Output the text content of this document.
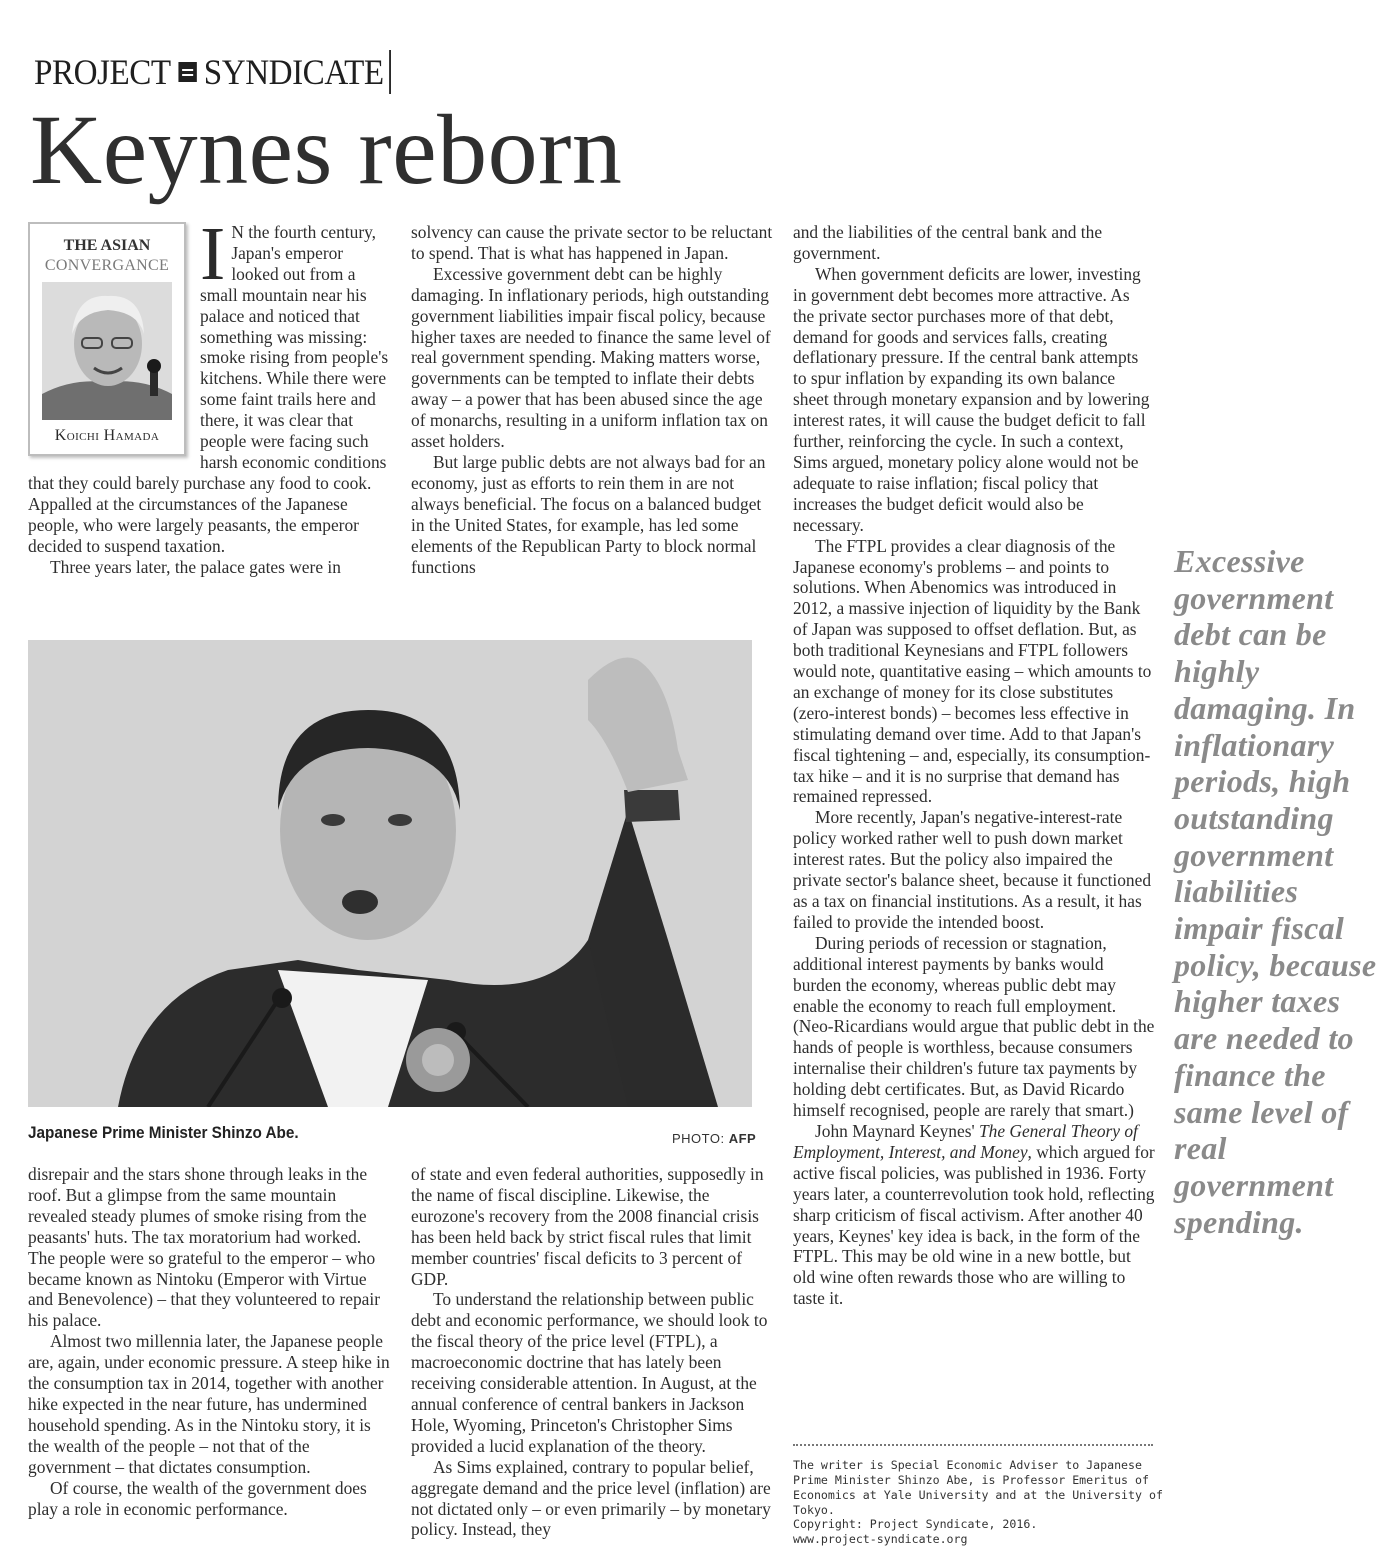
PROJECT SYNDICATE
Keynes reborn
THE ASIAN
CONVERGANCE
Koichi Hamada
I N the fourth century, Japan's emperor looked out from a small mountain near his palace and noticed that something was missing: smoke rising from people's kitchens. While there were some faint trails here and there, it was clear that people were facing such harsh economic conditions that they could barely purchase any food to cook. Appalled at the circumstances of the Japanese people, who were largely peasants, the emperor decided to suspend taxation.

Three years later, the palace gates were in

solvency can cause the private sector to be reluctant to spend. That is what has happened in Japan.

Excessive government debt can be highly damaging. In inflationary periods, high outstanding government liabilities impair fiscal policy, because higher taxes are needed to finance the same level of real government spending. Making matters worse, governments can be tempted to inflate their debts away – a power that has been abused since the age of monarchs, resulting in a uniform inflation tax on asset holders.

But large public debts are not always bad for an economy, just as efforts to rein them in are not always beneficial. The focus on a balanced budget in the United States, for example, has led some elements of the Republican Party to block normal functions

and the liabilities of the central bank and the government.

When government deficits are lower, investing in government debt becomes more attractive. As the private sector purchases more of that debt, demand for goods and services falls, creating deflationary pressure. If the central bank attempts to spur inflation by expanding its own balance sheet through monetary expansion and by lowering interest rates, it will cause the budget deficit to fall further, reinforcing the cycle. In such a context, Sims argued, monetary policy alone would not be adequate to raise inflation; fiscal policy that increases the budget deficit would also be necessary.

The FTPL provides a clear diagnosis of the Japanese economy's problems – and points to solutions. When Abenomics was introduced in 2012, a massive injection of liquidity by the Bank of Japan was supposed to offset deflation. But, as both traditional Keynesians and FTPL followers would note, quantitative easing – which amounts to an exchange of money for its close substitutes (zero-interest bonds) – becomes less effective in stimulating demand over time. Add to that Japan's fiscal tightening – and, especially, its consumption-tax hike – and it is no surprise that demand has remained repressed.

More recently, Japan's negative-interest-rate policy worked rather well to push down market interest rates. But the policy also impaired the private sector's balance sheet, because it functioned as a tax on financial institutions. As a result, it has failed to provide the intended boost.

During periods of recession or stagnation, additional interest payments by banks would burden the economy, whereas public debt may enable the economy to reach full employment. (Neo-Ricardians would argue that public debt in the hands of people is worthless, because consumers internalise their children's future tax payments by holding debt certificates. But, as David Ricardo himself recognised, people are rarely that smart.)

John Maynard Keynes' The General Theory of Employment, Interest, and Money, which argued for active fiscal policies, was published in 1936. Forty years later, a counterrevolution took hold, reflecting sharp criticism of fiscal activism. After another 40 years, Keynes' key idea is back, in the form of the FTPL. This may be old wine in a new bottle, but old wine often rewards those who are willing to taste it.

Japanese Prime Minister Shinzo Abe.	PHOTO: AFP

disrepair and the stars shone through leaks in the roof. But a glimpse from the same mountain revealed steady plumes of smoke rising from the peasants' huts. The tax moratorium had worked. The people were so grateful to the emperor – who became known as Nintoku (Emperor with Virtue and Benevolence) – that they volunteered to repair his palace.

Almost two millennia later, the Japanese people are, again, under economic pressure. A steep hike in the consumption tax in 2014, together with another hike expected in the near future, has undermined household spending. As in the Nintoku story, it is the wealth of the people – not that of the government – that dictates consumption.

Of course, the wealth of the government does play a role in economic performance.

of state and even federal authorities, supposedly in the name of fiscal discipline. Likewise, the eurozone's recovery from the 2008 financial crisis has been held back by strict fiscal rules that limit member countries' fiscal deficits to 3 percent of GDP.

To understand the relationship between public debt and economic performance, we should look to the fiscal theory of the price level (FTPL), a macroeconomic doctrine that has lately been receiving considerable attention. In August, at the annual conference of central bankers in Jackson Hole, Wyoming, Princeton's Christopher Sims provided a lucid explanation of the theory.

As Sims explained, contrary to popular belief, aggregate demand and the price level (inflation) are not dictated only – or even primarily – by monetary policy. Instead, they

Excessive government debt can be highly damaging. In inflationary periods, high outstanding government liabilities impair fiscal policy, because higher taxes are needed to finance the same level of real government spending.

The writer is Special Economic Adviser to Japanese Prime Minister Shinzo Abe, is Professor Emeritus of Economics at Yale University and at the University of Tokyo.

Copyright: Project Syndicate, 2016.

www.project-syndicate.org
